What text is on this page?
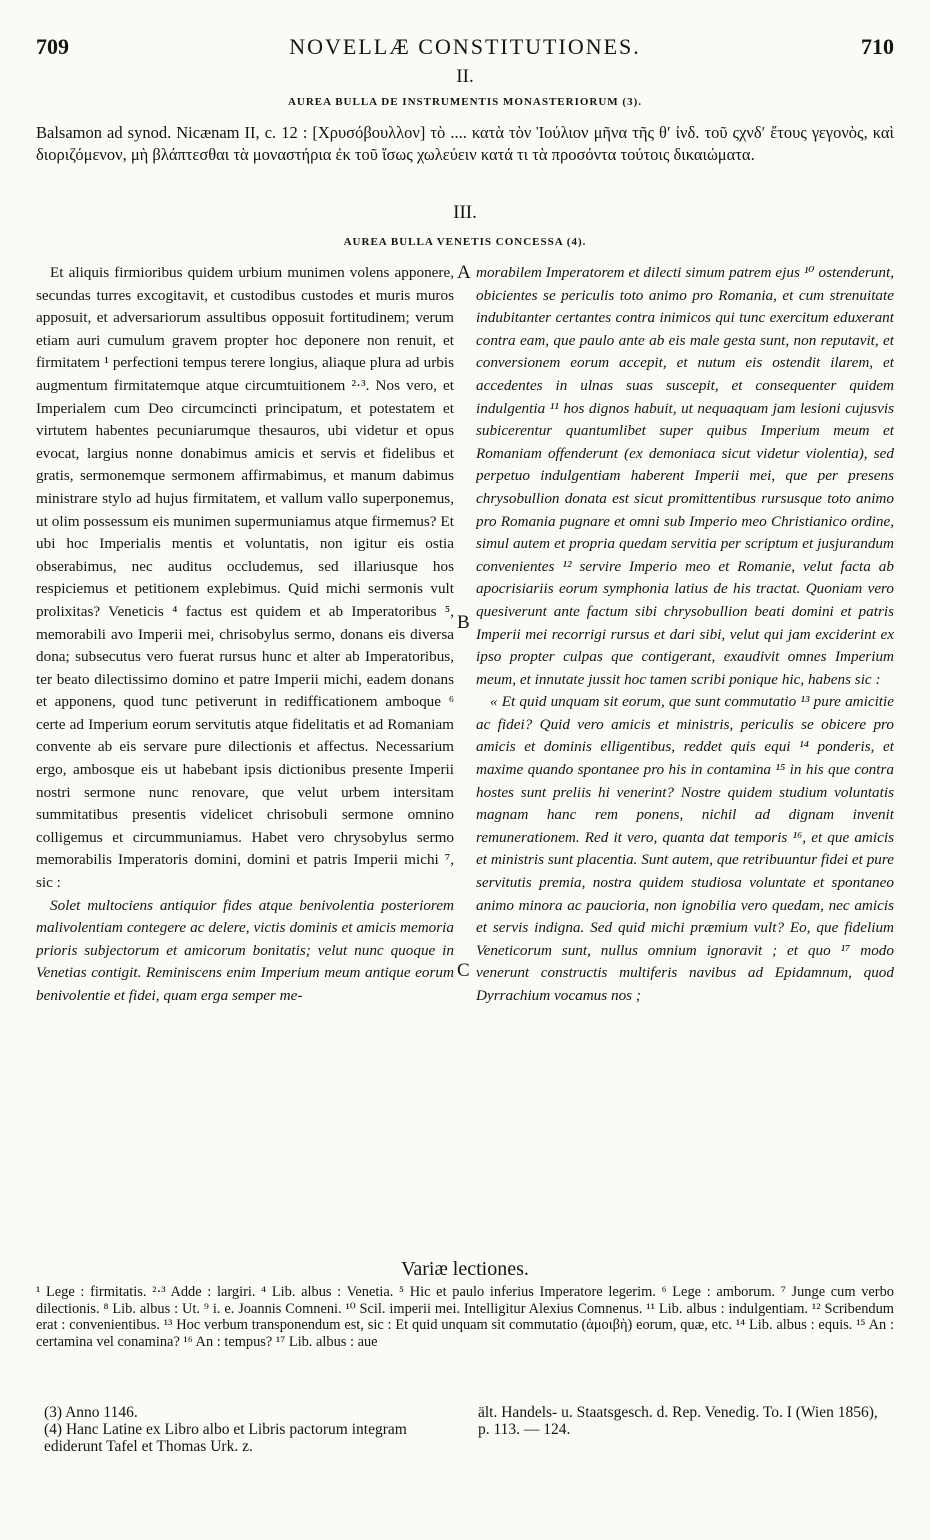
709	NOVELLÆ CONSTITUTIONES.	710
II.
AUREA BULLA DE INSTRUMENTIS MONASTERIORUM (3).

Balsamon ad synod. Nicænam II, c. 12 : [Χρυσόβουλλον] τὸ .... κατὰ τὸν Ἰούλιον μῆνα τῆς θʹ ἰνδ. τοῦ ςχνδʹ ἔτους γεγονὸς, καὶ διοριζόμενον, μὴ βλάπτεσθαι τὰ μοναστήρια ἐκ τοῦ ἴσως χωλεύειν κατά τι τὰ προσόντα τούτοις δικαιώματα.

III.
AUREA BULLA VENETIS CONCESSA (4).

Et aliquis firmioribus quidem urbium munimen volens apponere, secundas turres excogitavit, et custodibus custodes et muris muros apposuit, et adversariorum assultibus opposuit fortitudinem; verum etiam auri cumulum gravem propter hoc deponere non renuit, et firmitatem ¹ perfectioni tempus terere longius, aliaque plura ad urbis augmentum firmitatemque atque circumtuitionem ²·³. Nos vero, et Imperialem cum Deo circumcincti principatum, et potestatem et virtutem habentes pecuniarumque thesauros, ubi videtur et opus evocat, largius nonne donabimus amicis et servis et fidelibus et gratis, sermonemque sermonem affirmabimus, et manum dabimus ministrare stylo ad hujus firmitatem, et vallum vallo superponemus, ut olim possessum eis munimen supermuniamus atque firmemus? Et ubi hoc Imperialis mentis et voluntatis, non igitur eis ostia obserabimus, nec auditus occludemus, sed illariusque hos respiciemus et petitionem explebimus. Quid michi sermonis vult prolixitas? Veneticis ⁴ factus est quidem et ab Imperatoribus ⁵, memorabili avo Imperii mei, chrisobylus sermo, donans eis diversa dona; subsecutus vero fuerat rursus hunc et alter ab Imperatoribus, ter beato dilectissimo domino et patre Imperii michi, eadem donans et apponens, quod tunc petiverunt in redifficationem amboque ⁶ certe ad Imperium eorum servitutis atque fidelitatis et ad Romaniam convente ab eis servare pure dilectionis et affectus. Necessarium ergo, ambosque eis ut habebant ipsis dictionibus presente Imperii nostri sermone nunc renovare, que velut urbem intersitam summitatibus presentis videlicet chrisobuli sermone omnino colligemus et circummuniamus. Habet vero chrysobylus sermo memorabilis Imperatoris domini, domini et patris Imperii michi ⁷, sic :

Solet multociens antiquior fides atque benivolentia posteriorem malivolentiam contegere ac delere, victis dominis et amicis memoria prioris subjectorum et amicorum bonitatis; velut nunc quoque in Venetias contigit. Reminiscens enim Imperium meum antique eorum benivolentie et fidei, quam erga semper me-

A
B
C

morabilem Imperatorem et dilecti simum patrem ejus ¹⁰ ostenderunt, obicientes se periculis toto animo pro Romania, et cum strenuitate indubitanter certantes contra inimicos qui tunc exercitum eduxerant contra eam, que paulo ante ab eis male gesta sunt, non reputavit, et conversionem eorum accepit, et nutum eis ostendit ilarem, et accedentes in ulnas suas suscepit, et consequenter quidem indulgentia ¹¹ hos dignos habuit, ut nequaquam jam lesioni cujusvis subicerentur quantumlibet super quibus Imperium meum et Romaniam offenderunt (ex demoniaca sicut videtur violentia), sed perpetuo indulgentiam haberent Imperii mei, que per presens chrysobullion donata est sicut promittentibus rursusque toto animo pro Romania pugnare et omni sub Imperio meo Christianico ordine, simul autem et propria quedam servitia per scriptum et jusjurandum convenientes ¹² servire Imperio meo et Romanie, velut facta ab apocrisiariis eorum symphonia latius de his tractat. Quoniam vero quesiverunt ante factum sibi chrysobullion beati domini et patris Imperii mei recorrigi rursus et dari sibi, velut qui jam exciderint ex ipso propter culpas que contigerant, exaudivit omnes Imperium meum, et innutate jussit hoc tamen scribi ponique hic, habens sic :

« Et quid unquam sit eorum, que sunt commutatio ¹³ pure amicitie ac fidei? Quid vero amicis et ministris, periculis se obicere pro amicis et dominis elligentibus, reddet quis equi ¹⁴ ponderis, et maxime quando spontanee pro his in contamina ¹⁵ in his que contra hostes sunt preliis hi venerint? Nostre quidem studium voluntatis magnam hanc rem ponens, nichil ad dignam invenit remunerationem. Red it vero, quanta dat temporis ¹⁶, et que amicis et ministris sunt placentia. Sunt autem, que retribuuntur fidei et pure servitutis premia, nostra quidem studiosa voluntate et spontaneo animo minora ac paucioria, non ignobilia vero quedam, nec amicis et servis indigna. Sed quid michi præmium vult? Eo, que fidelium Veneticorum sunt, nullus omnium ignoravit ; et quo ¹⁷ modo venerunt constructis multiferis navibus ad Epidamnum, quod Dyrrachium vocamus nos ;

Variæ lectiones.

¹ Lege : firmitatis. ²·³ Adde : largiri. ⁴ Lib. albus : Venetia. ⁵ Hic et paulo inferius Imperatore legerim. ⁶ Lege : amborum. ⁷ Junge cum verbo dilectionis. ⁸ Lib. albus : Ut. ⁹ i. e. Joannis Comneni. ¹⁰ Scil. imperii mei. Intelligitur Alexius Comnenus. ¹¹ Lib. albus : indulgentiam. ¹² Scribendum erat : convenientibus. ¹³ Hoc verbum transponendum est, sic : Et quid unquam sit commutatio (ἀμοιβὴ) eorum, quæ, etc. ¹⁴ Lib. albus : equis. ¹⁵ An : certamina vel conamina? ¹⁶ An : tempus? ¹⁷ Lib. albus : aue

(3) Anno 1146.

(4) Hanc Latine ex Libro albo et Libris pactorum integram ediderunt Tafel et Thomas Urk. z.

ält. Handels- u. Staatsgesch. d. Rep. Venedig. To. I (Wien 1856), p. 113. — 124.
